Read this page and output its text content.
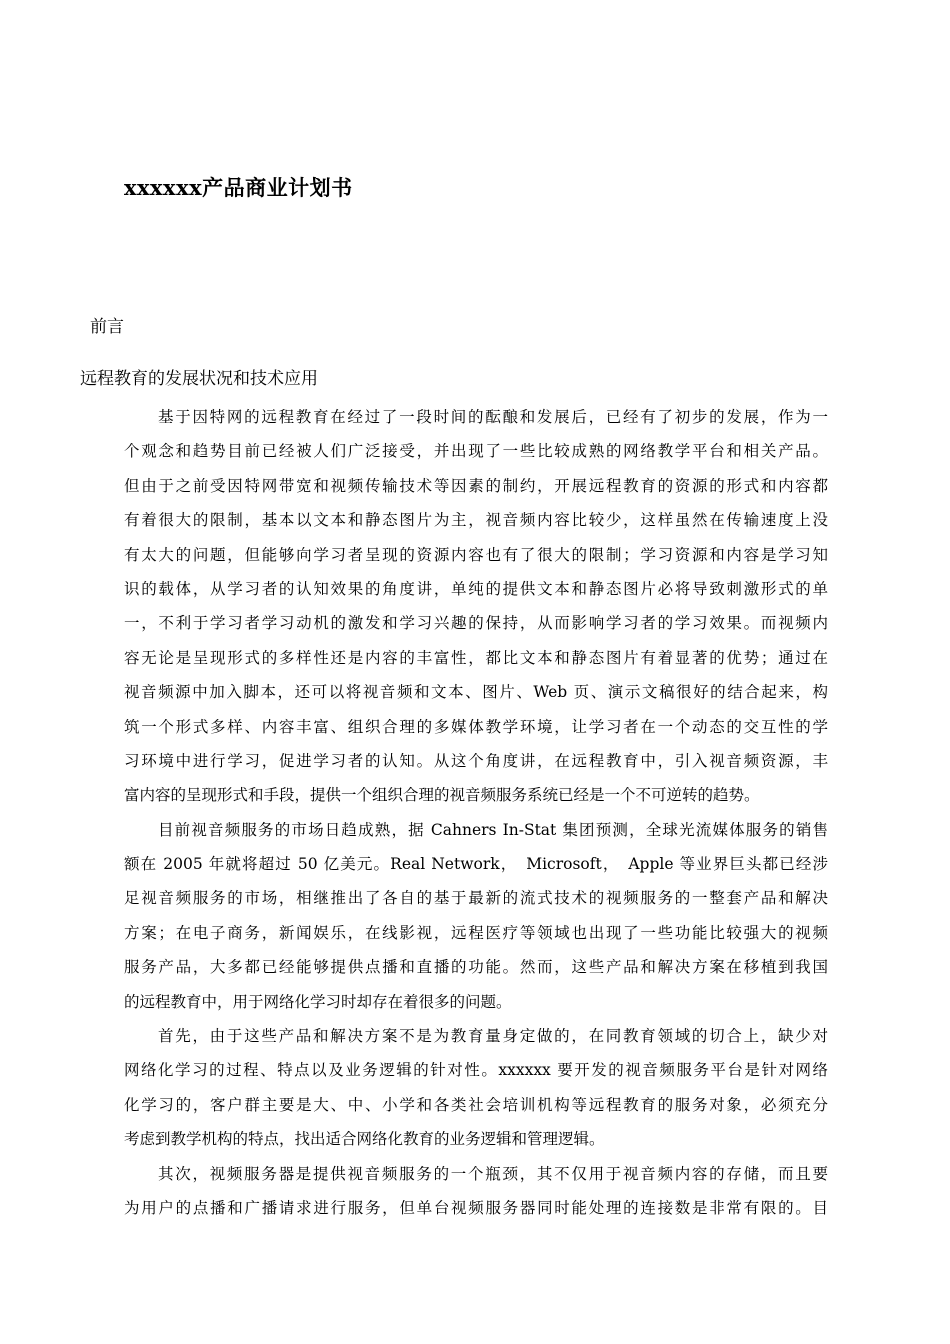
xxxxxx产品商业计划书
前言
远程教育的发展状况和技术应用
基于因特网的远程教育在经过了一段时间的酝酿和发展后，已经有了初步的发展，作为一
个观念和趋势目前已经被人们广泛接受，并出现了一些比较成熟的网络教学平台和相关产品。
但由于之前受因特网带宽和视频传输技术等因素的制约，开展远程教育的资源的形式和内容都
有着很大的限制，基本以文本和静态图片为主，视音频内容比较少，这样虽然在传输速度上没
有太大的问题，但能够向学习者呈现的资源内容也有了很大的限制；学习资源和内容是学习知
识的载体，从学习者的认知效果的角度讲，单纯的提供文本和静态图片必将导致刺激形式的单
一，不利于学习者学习动机的激发和学习兴趣的保持，从而影响学习者的学习效果。而视频内
容无论是呈现形式的多样性还是内容的丰富性，都比文本和静态图片有着显著的优势；通过在
视音频源中加入脚本，还可以将视音频和文本、图片、Web 页、演示文稿很好的结合起来，构
筑一个形式多样、内容丰富、组织合理的多媒体教学环境，让学习者在一个动态的交互性的学
习环境中进行学习，促进学习者的认知。从这个角度讲，在远程教育中，引入视音频资源，丰
富内容的呈现形式和手段，提供一个组织合理的视音频服务系统已经是一个不可逆转的趋势。
目前视音频服务的市场日趋成熟，据 Cahners In-Stat 集团预测，全球光流媒体服务的销售
额在 2005 年就将超过 50 亿美元。Real Network，　Microsoft，　Apple 等业界巨头都已经涉
足视音频服务的市场，相继推出了各自的基于最新的流式技术的视频服务的一整套产品和解决
方案；在电子商务，新闻娱乐，在线影视，远程医疗等领域也出现了一些功能比较强大的视频
服务产品，大多都已经能够提供点播和直播的功能。然而，这些产品和解决方案在移植到我国
的远程教育中，用于网络化学习时却存在着很多的问题。
首先，由于这些产品和解决方案不是为教育量身定做的，在同教育领域的切合上，缺少对
网络化学习的过程、特点以及业务逻辑的针对性。xxxxxx 要开发的视音频服务平台是针对网络
化学习的，客户群主要是大、中、小学和各类社会培训机构等远程教育的服务对象，必须充分
考虑到教学机构的特点，找出适合网络化教育的业务逻辑和管理逻辑。
其次，视频服务器是提供视音频服务的一个瓶颈，其不仅用于视音频内容的存储，而且要
为用户的点播和广播请求进行服务，但单台视频服务器同时能处理的连接数是非常有限的。目
